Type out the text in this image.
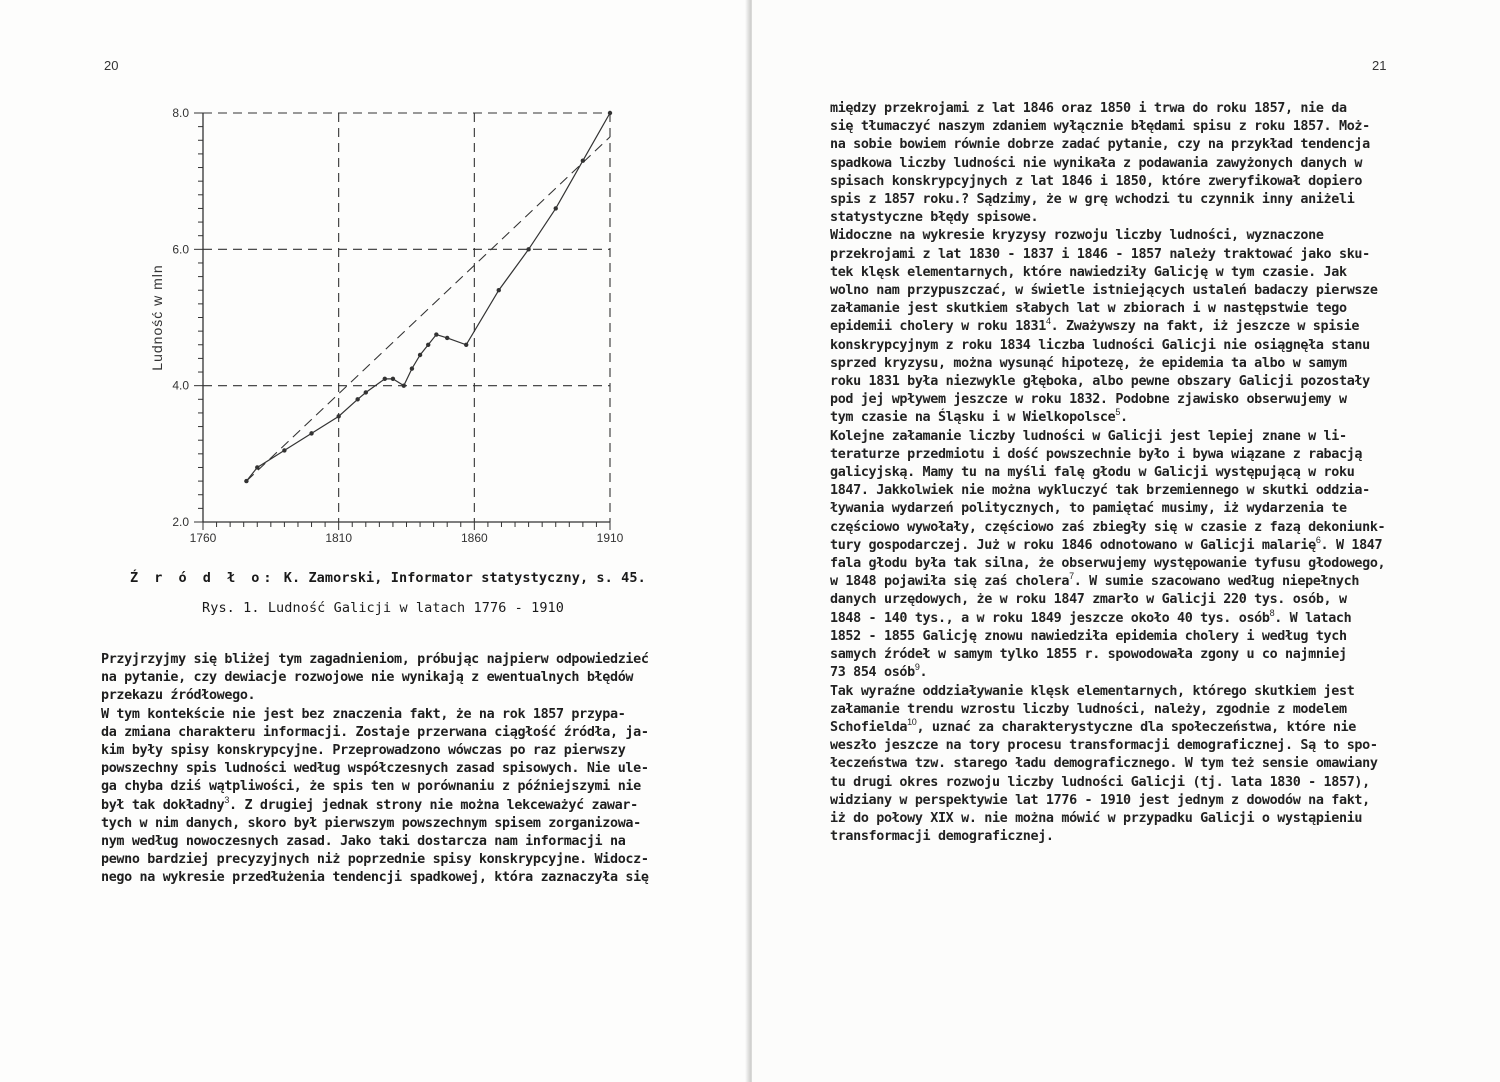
20
2.0
4.0
6.0
8.0
1760	1810	1860	1910
Ludność w mln
Ź r ó d ł o: K. Zamorski, Informator statystyczny, s. 45.
Rys. 1. Ludność Galicji w latach 1776 - 1910
Przyjrzyjmy się bliżej tym zagadnieniom, próbując najpierw odpowiedzieć
na pytanie, czy dewiacje rozwojowe nie wynikają z ewentualnych błędów
przekazu źródłowego.
W tym kontekście nie jest bez znaczenia fakt, że na rok 1857 przypa-
da zmiana charakteru informacji. Zostaje przerwana ciągłość źródła, ja-
kim były spisy konskrypcyjne. Przeprowadzono wówczas po raz pierwszy
powszechny spis ludności według współczesnych zasad spisowych. Nie ule-
ga chyba dziś wątpliwości, że spis ten w porównaniu z późniejszymi nie
był tak dokładny$^3$. Z drugiej jednak strony nie można lekceważyć zawar-
tych w nim danych, skoro był pierwszym powszechnym spisem zorganizowa-
nym według nowoczesnych zasad. Jako taki dostarcza nam informacji na
pewno bardziej precyzyjnych niż poprzednie spisy konskrypcyjne. Widocz-
nego na wykresie przedłużenia tendencji spadkowej, która zaznaczyła się
21
między przekrojami z lat 1846 oraz 1850 i trwa do roku 1857, nie da
się tłumaczyć naszym zdaniem wyłącznie błędami spisu z roku 1857. Moż-
na sobie bowiem równie dobrze zadać pytanie, czy na przykład tendencja
spadkowa liczby ludności nie wynikała z podawania zawyżonych danych w
spisach konskrypcyjnych z lat 1846 i 1850, które zweryfikował dopiero
spis z 1857 roku.? Sądzimy, że w grę wchodzi tu czynnik inny aniżeli
statystyczne błędy spisowe.
Widoczne na wykresie kryzysy rozwoju liczby ludności, wyznaczone
przekrojami z lat 1830 - 1837 i 1846 - 1857 należy traktować jako sku-
tek klęsk elementarnych, które nawiedziły Galicję w tym czasie. Jak
wolno nam przypuszczać, w świetle istniejących ustaleń badaczy pierwsze
załamanie jest skutkiem słabych lat w zbiorach i w następstwie tego
epidemii cholery w roku 1831$^4$. Zważywszy na fakt, iż jeszcze w spisie
konskrypcyjnym z roku 1834 liczba ludności Galicji nie osiągnęła stanu
sprzed kryzysu, można wysunąć hipotezę, że epidemia ta albo w samym
roku 1831 była niezwykle głęboka, albo pewne obszary Galicji pozostały
pod jej wpływem jeszcze w roku 1832. Podobne zjawisko obserwujemy w
tym czasie na Śląsku i w Wielkopolsce$^5$.
Kolejne załamanie liczby ludności w Galicji jest lepiej znane w li-
teraturze przedmiotu i dość powszechnie było i bywa wiązane z rabacją
galicyjską. Mamy tu na myśli falę głodu w Galicji występującą w roku
1847. Jakkolwiek nie można wykluczyć tak brzemiennego w skutki oddzia-
ływania wydarzeń politycznych, to pamiętać musimy, iż wydarzenia te
częściowo wywołały, częściowo zaś zbiegły się w czasie z fazą dekoniunk-
tury gospodarczej. Już w roku 1846 odnotowano w Galicji malarię$^6$. W 1847
fala głodu była tak silna, że obserwujemy występowanie tyfusu głodowego,
w 1848 pojawiła się zaś cholera$^7$. W sumie szacowano według niepełnych
danych urzędowych, że w roku 1847 zmarło w Galicji 220 tys. osób, w
1848 - 140 tys., a w roku 1849 jeszcze około 40 tys. osób$^8$. W latach
1852 - 1855 Galicję znowu nawiedziła epidemia cholery i według tych
samych źródeł w samym tylko 1855 r. spowodowała zgony u co najmniej
73 854 osób$^9$.
Tak wyraźne oddziaływanie klęsk elementarnych, którego skutkiem jest
załamanie trendu wzrostu liczby ludności, należy, zgodnie z modelem
Schofielda$^{10}$, uznać za charakterystyczne dla społeczeństwa, które nie
weszło jeszcze na tory procesu transformacji demograficznej. Są to spo-
łeczeństwa tzw. starego ładu demograficznego. W tym też sensie omawiany
tu drugi okres rozwoju liczby ludności Galicji (tj. lata 1830 - 1857),
widziany w perspektywie lat 1776 - 1910 jest jednym z dowodów na fakt,
iż do połowy XIX w. nie można mówić w przypadku Galicji o wystąpieniu
transformacji demograficznej.
